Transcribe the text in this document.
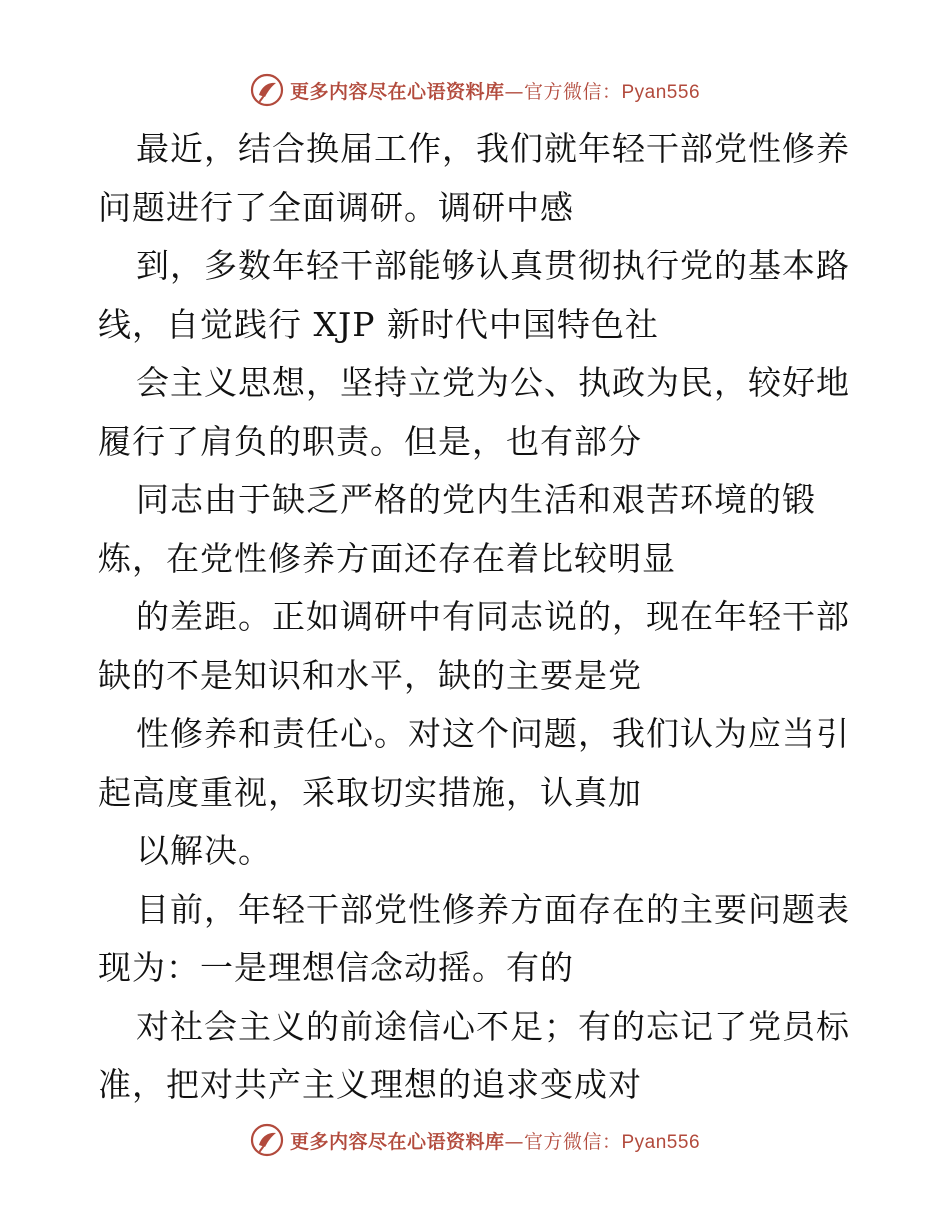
更多内容尽在心语资料库—官方微信：Pyan556
最近，结合换届工作，我们就年轻干部党性修养
问题进行了全面调研。调研中感
到，多数年轻干部能够认真贯彻执行党的基本路
线，自觉践行 XJP 新时代中国特色社
会主义思想，坚持立党为公、执政为民，较好地
履行了肩负的职责。但是，也有部分
同志由于缺乏严格的党内生活和艰苦环境的锻
炼，在党性修养方面还存在着比较明显
的差距。正如调研中有同志说的，现在年轻干部
缺的不是知识和水平，缺的主要是党
性修养和责任心。对这个问题，我们认为应当引
起高度重视，采取切实措施，认真加
以解决。
目前，年轻干部党性修养方面存在的主要问题表
现为：一是理想信念动摇。有的
对社会主义的前途信心不足；有的忘记了党员标
准，把对共产主义理想的追求变成对
更多内容尽在心语资料库—官方微信：Pyan556
